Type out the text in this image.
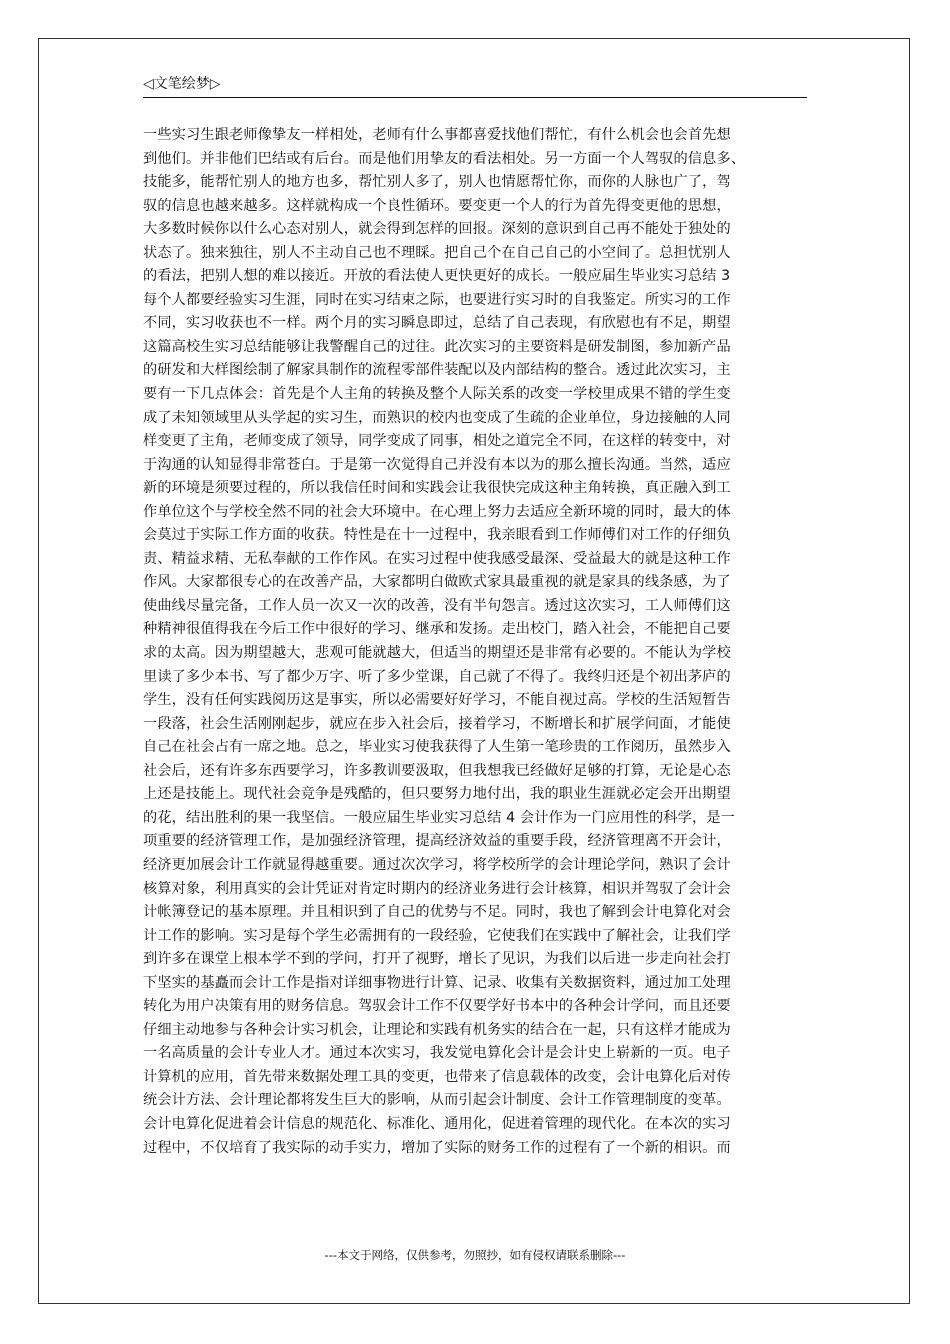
◁文笔绘梦▷
一些实习生跟老师像挚友一样相处，老师有什么事都喜爱找他们帮忙，有什么机会也会首先想
到他们。并非他们巴结或有后台。而是他们用挚友的看法相处。另一方面一个人驾驭的信息多、
技能多，能帮忙别人的地方也多，帮忙别人多了，别人也情愿帮忙你，而你的人脉也广了，驾
驭的信息也越来越多。这样就构成一个良性循环。要变更一个人的行为首先得变更他的思想，
大多数时候你以什么心态对别人，就会得到怎样的回报。深刻的意识到自己再不能处于独处的
状态了。独来独往，别人不主动自己也不理睬。把自己个在自己自己的小空间了。总担忧别人
的看法，把别人想的难以接近。开放的看法使人更快更好的成长。一般应届生毕业实习总结 3
每个人都要经验实习生涯，同时在实习结束之际，也要进行实习时的自我鉴定。所实习的工作
不同，实习收获也不一样。两个月的实习瞬息即过，总结了自己表现，有欣慰也有不足，期望
这篇高校生实习总结能够让我警醒自己的过往。此次实习的主要资料是研发制图，参加新产品
的研发和大样图绘制了解家具制作的流程零部件装配以及内部结构的整合。透过此次实习，主
要有一下几点体会：首先是个人主角的转换及整个人际关系的改变一学校里成果不错的学生变
成了未知领域里从头学起的实习生，而熟识的校内也变成了生疏的企业单位，身边接触的人同
样变更了主角，老师变成了领导，同学变成了同事，相处之道完全不同，在这样的转变中，对
于沟通的认知显得非常苍白。于是第一次觉得自己并没有本以为的那么擅长沟通。当然，适应
新的环境是须要过程的，所以我信任时间和实践会让我很快完成这种主角转换，真正融入到工
作单位这个与学校全然不同的社会大环境中。在心理上努力去适应全新环境的同时，最大的体
会莫过于实际工作方面的收获。特性是在十一过程中，我亲眼看到工作师傅们对工作的仔细负
责、精益求精、无私奉献的工作作风。在实习过程中使我感受最深、受益最大的就是这种工作
作风。大家都很专心的在改善产品，大家都明白做欧式家具最重视的就是家具的线条感，为了
使曲线尽量完备，工作人员一次又一次的改善，没有半句怨言。透过这次实习，工人师傅们这
种精神很值得我在今后工作中很好的学习、继承和发扬。走出校门，踏入社会，不能把自己要
求的太高。因为期望越大，悲观可能就越大，但适当的期望还是非常有必要的。不能认为学校
里读了多少本书、写了都少万字、听了多少堂课，自己就了不得了。我终归还是个初出茅庐的
学生，没有任何实践阅历这是事实，所以必需要好好学习，不能自视过高。学校的生活短暂告
一段落，社会生活刚刚起步，就应在步入社会后，接着学习，不断增长和扩展学问面，才能使
自己在社会占有一席之地。总之，毕业实习使我获得了人生第一笔珍贵的工作阅历，虽然步入
社会后，还有许多东西要学习，许多教训要汲取，但我想我已经做好足够的打算，无论是心态
上还是技能上。现代社会竞争是残酷的，但只要努力地付出，我的职业生涯就必定会开出期望
的花，结出胜利的果一我坚信。一般应届生毕业实习总结 4 会计作为一门应用性的科学，是一
项重要的经济管理工作，是加强经济管理，提高经济效益的重要手段，经济管理离不开会计，
经济更加展会计工作就显得越重要。通过次次学习，将学校所学的会计理论学问，熟识了会计
核算对象，利用真实的会计凭证对肯定时期内的经济业务进行会计核算，相识并驾驭了会计会
计帐簿登记的基本原理。并且相识到了自己的优势与不足。同时，我也了解到会计电算化对会
计工作的影响。实习是每个学生必需拥有的一段经验，它使我们在实践中了解社会，让我们学
到许多在课堂上根本学不到的学问，打开了视野，增长了见识，为我们以后进一步走向社会打
下坚实的基矗而会计工作是指对详细事物进行计算、记录、收集有关数据资料，通过加工处理
转化为用户决策有用的财务信息。驾驭会计工作不仅要学好书本中的各种会计学问，而且还要
仔细主动地参与各种会计实习机会，让理论和实践有机务实的结合在一起，只有这样才能成为
一名高质量的会计专业人才。通过本次实习，我发觉电算化会计是会计史上崭新的一页。电子
计算机的应用，首先带来数据处理工具的变更，也带来了信息载体的改变，会计电算化后对传
统会计方法、会计理论都将发生巨大的影响，从而引起会计制度、会计工作管理制度的变革。
会计电算化促进着会计信息的规范化、标准化、通用化，促进着管理的现代化。在本次的实习
过程中，不仅培育了我实际的动手实力，增加了实际的财务工作的过程有了一个新的相识。而
---本文于网络，仅供参考，勿照抄，如有侵权请联系删除---
